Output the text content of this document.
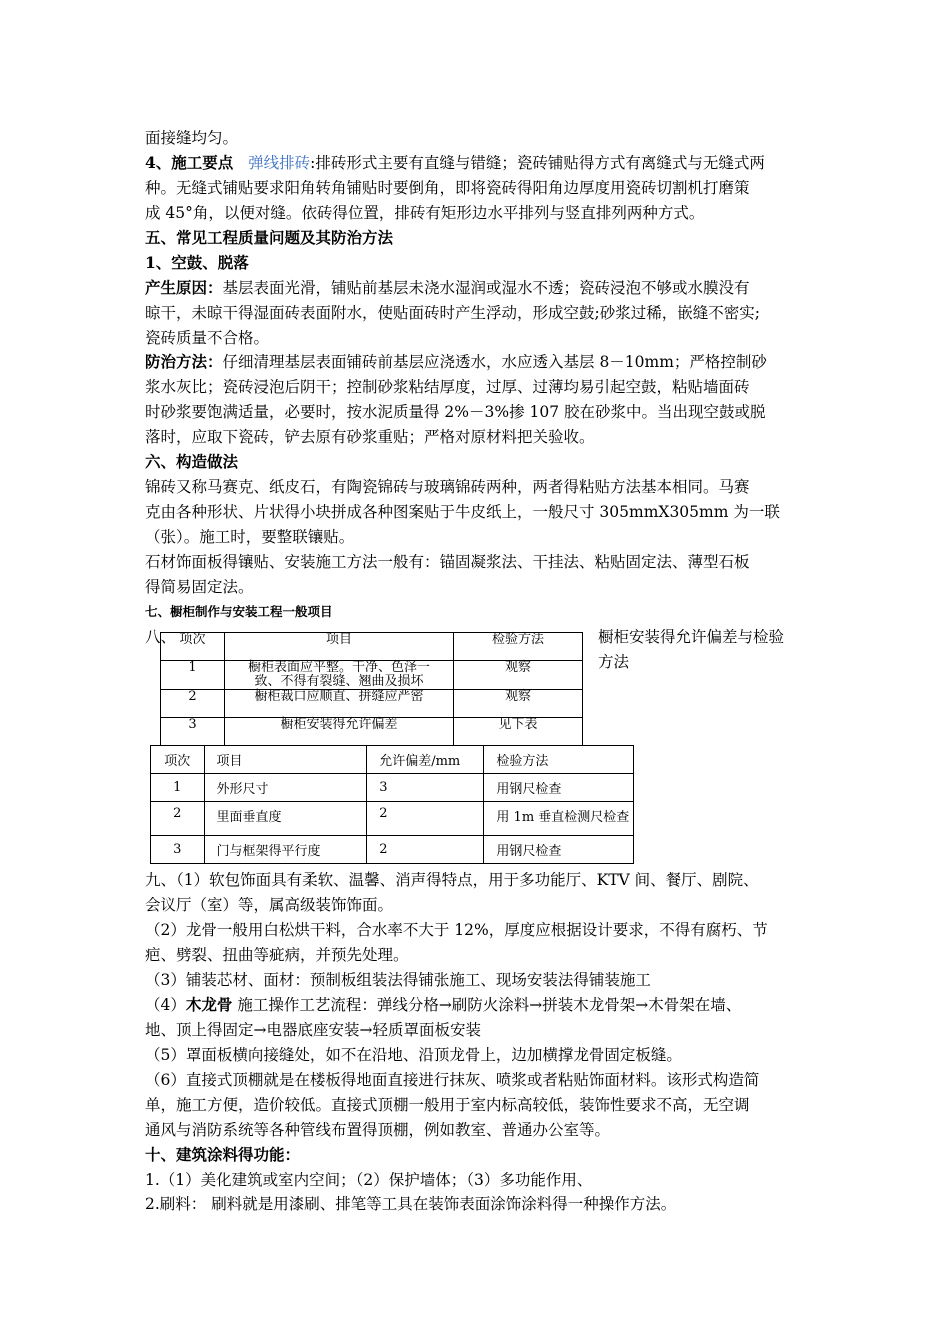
面接缝均匀。
4、施工要点 弹线排砖:排砖形式主要有直缝与错缝；瓷砖铺贴得方式有离缝式与无缝式两
种。无缝式铺贴要求阳角转角铺贴时要倒角，即将瓷砖得阳角边厚度用瓷砖切割机打磨策
成 45°角，以便对缝。依砖得位置，排砖有矩形边水平排列与竖直排列两种方式。
五、常见工程质量问题及其防治方法
1、空鼓、脱落
产生原因：基层表面光滑，铺贴前基层未浇水湿润或湿水不透；瓷砖浸泡不够或水膜没有
晾干，未晾干得湿面砖表面附水，使贴面砖时产生浮动，形成空鼓;砂浆过稀，嵌缝不密实;
瓷砖质量不合格。
防治方法：仔细清理基层表面铺砖前基层应浇透水，水应透入基层 8－10mm；严格控制砂
浆水灰比；瓷砖浸泡后阴干；控制砂浆粘结厚度，过厚、过薄均易引起空鼓，粘贴墙面砖
时砂浆要饱满适量，必要时，按水泥质量得 2%－3%掺 107 胶在砂浆中。当出现空鼓或脱
落时，应取下瓷砖，铲去原有砂浆重贴；严格对原材料把关验收。
六、构造做法
锦砖又称马赛克、纸皮石，有陶瓷锦砖与玻璃锦砖两种，两者得粘贴方法基本相同。马赛
克由各种形状、片状得小块拼成各种图案贴于牛皮纸上，一般尺寸 305mmX305mm 为一联
（张）。施工时，要整联镶贴。
石材饰面板得镶贴、安装施工方法一般有：锚固凝浆法、干挂法、粘贴固定法、薄型石板
得简易固定法。
七、橱柜制作与安装工程一般项目
八、	橱柜安装得允许偏差与检验
方法
项次	项目	检验方法
1	橱柜表面应平整。干净、色泽一
致、不得有裂缝、翘曲及损坏	观察
2	橱柜裁口应顺直、拼缝应严密	观察
3	橱柜安装得允许偏差	见下表
项次	项目	允许偏差/mm	检验方法
1	外形尺寸	3	用钢尺检查
2	里面垂直度	2	用 1m 垂直检测尺检查
3	门与框架得平行度	2	用钢尺检查
九、（1）软包饰面具有柔软、温馨、消声得特点，用于多功能厅、KTV 间、餐厅、剧院、
会议厅（室）等，属高级装饰饰面。
（2）龙骨一般用白松烘干料，合水率不大于 12%，厚度应根据设计要求，不得有腐朽、节
疤、劈裂、扭曲等疵病，并预先处理。
（3）铺装芯材、面材：预制板组装法得铺张施工、现场安装法得铺装施工
（4）木龙骨 施工操作工艺流程：弹线分格→刷防火涂料→拼装木龙骨架→木骨架在墙、
地、顶上得固定→电器底座安装→轻质罩面板安装
（5）罩面板横向接缝处，如不在沿地、沿顶龙骨上，边加横撑龙骨固定板缝。
（6）直接式顶棚就是在楼板得地面直接进行抹灰、喷浆或者粘贴饰面材料。该形式构造简
单，施工方便，造价较低。直接式顶棚一般用于室内标高较低，装饰性要求不高，无空调
通风与消防系统等各种管线布置得顶棚，例如教室、普通办公室等。
十、建筑涂料得功能：
1.（1）美化建筑或室内空间；（2）保护墙体；（3）多功能作用、
2.刷料： 刷料就是用漆刷、排笔等工具在装饰表面涂饰涂料得一种操作方法。
